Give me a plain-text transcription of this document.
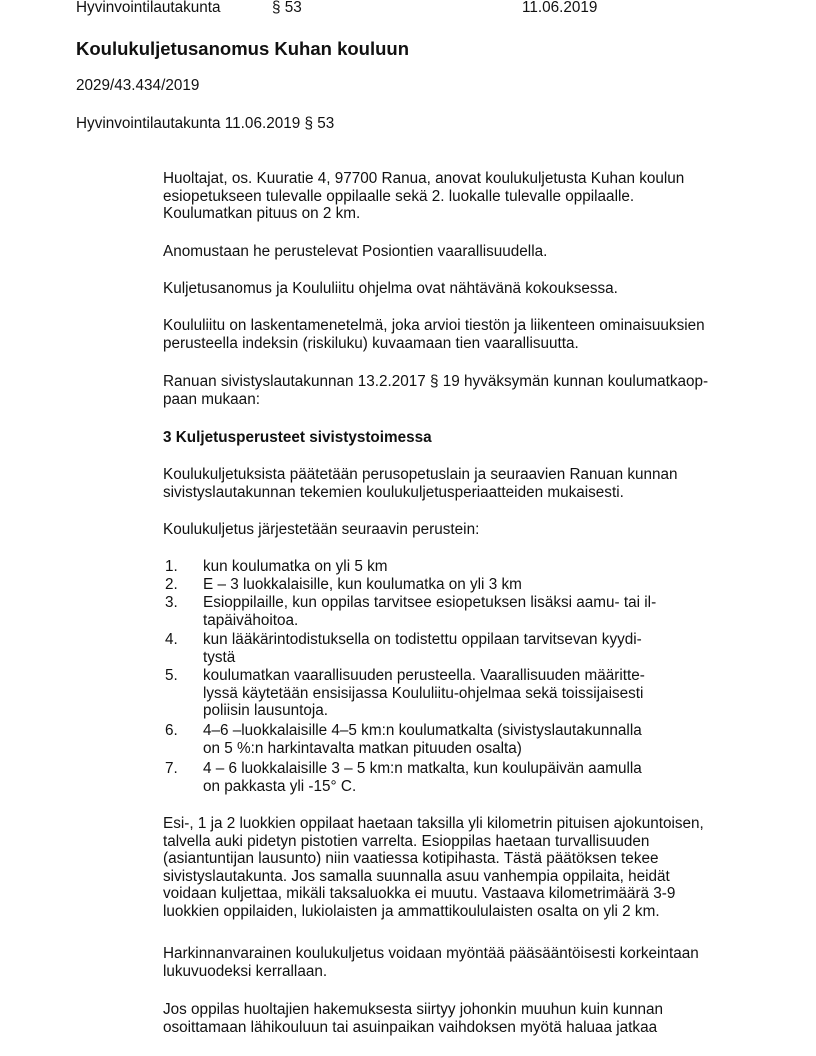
Hyvinvointilautakunta	§ 53	11.06.2019
Koulukuljetusanomus Kuhan kouluun
2029/43.434/2019
Hyvinvointilautakunta 11.06.2019 § 53
Huoltajat, os. Kuuratie 4, 97700 Ranua, anovat koulukuljetusta Kuhan koulun
esiopetukseen tulevalle oppilaalle sekä 2. luokalle tulevalle oppilaalle.
Koulumatkan pituus on 2 km.
Anomustaan he perustelevat Posiontien vaarallisuudella.
Kuljetusanomus ja Koululiitu ohjelma ovat nähtävänä kokouksessa.
Koululiitu on laskentamenetelmä, joka arvioi tiestön ja liikenteen ominaisuuksien
perusteella indeksin (riskiluku) kuvaamaan tien vaarallisuutta.
Ranuan sivistyslautakunnan 13.2.2017 § 19 hyväksymän kunnan koulumatkaop-
paan mukaan:
3 Kuljetusperusteet sivistystoimessa
Koulukuljetuksista päätetään perusopetuslain ja seuraavien Ranuan kunnan
sivistyslautakunnan tekemien koulukuljetusperiaatteiden mukaisesti.
Koulukuljetus järjestetään seuraavin perustein:
1. kun koulumatka on yli 5 km
2. E – 3 luokkalaisille, kun koulumatka on yli 3 km
3. Esioppilaille, kun oppilas tarvitsee esiopetuksen lisäksi aamu- tai il-
tapäivähoitoa.
4. kun lääkärintodistuksella on todistettu oppilaan tarvitsevan kyydi-
tystä
5. koulumatkan vaarallisuuden perusteella. Vaarallisuuden määritte-
lyssä käytetään ensisijassa Koululiitu-ohjelmaa sekä toissijaisesti
poliisin lausuntoja.
6. 4–6 –luokkalaisille 4–5 km:n koulumatkalta (sivistyslautakunnalla
on 5 %:n harkintavalta matkan pituuden osalta)
7. 4 – 6 luokkalaisille 3 – 5 km:n matkalta, kun koulupäivän aamulla
on pakkasta yli -15° C.
Esi-, 1 ja 2 luokkien oppilaat haetaan taksilla yli kilometrin pituisen ajokuntoisen,
talvella auki pidetyn pistotien varrelta. Esioppilas haetaan turvallisuuden
(asiantuntijan lausunto) niin vaatiessa kotipihasta. Tästä päätöksen tekee
sivistyslautakunta. Jos samalla suunnalla asuu vanhempia oppilaita, heidät
voidaan kuljettaa, mikäli taksaluokka ei muutu. Vastaava kilometrimäärä 3-9
luokkien oppilaiden, lukiolaisten ja ammattikoululaisten osalta on yli 2 km.
Harkinnanvarainen koulukuljetus voidaan myöntää pääsääntöisesti korkeintaan
lukuvuodeksi kerrallaan.
Jos oppilas huoltajien hakemuksesta siirtyy johonkin muuhun kuin kunnan
osoittamaan lähikouluun tai asuinpaikan vaihdoksen myötä haluaa jatkaa
